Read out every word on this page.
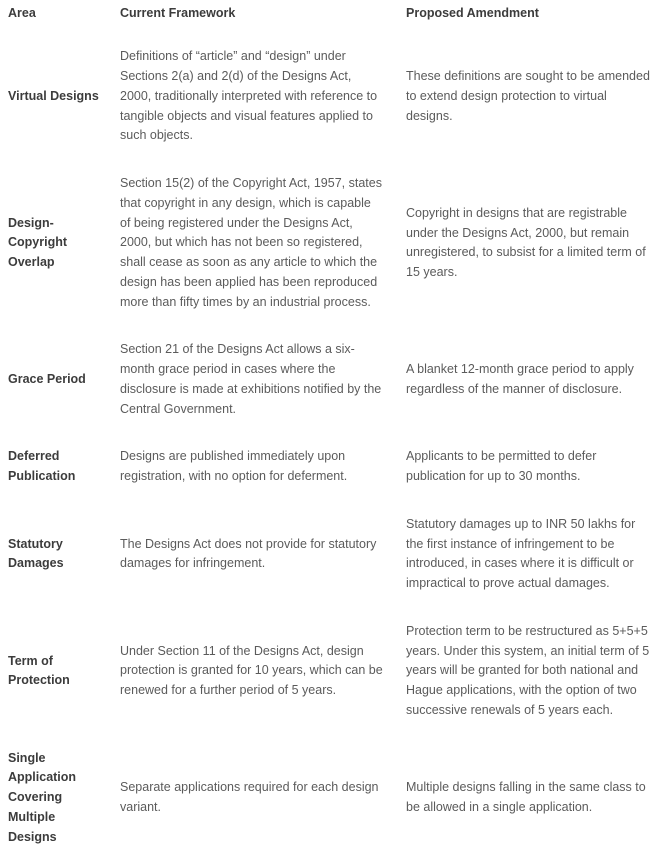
Area	Current Framework	Proposed Amendment
Virtual Designs	Definitions of “article” and “design” under Sections 2(a) and 2(d) of the Designs Act, 2000, traditionally interpreted with reference to tangible objects and visual features applied to such objects.	These definitions are sought to be amended to extend design protection to virtual designs.
Design-Copyright Overlap	Section 15(2) of the Copyright Act, 1957, states that copyright in any design, which is capable of being registered under the Designs Act, 2000, but which has not been so registered, shall cease as soon as any article to which the design has been applied has been reproduced more than fifty times by an industrial process.	Copyright in designs that are registrable under the Designs Act, 2000, but remain unregistered, to subsist for a limited term of 15 years.
Grace Period	Section 21 of the Designs Act allows a six-month grace period in cases where the disclosure is made at exhibitions notified by the Central Government.	A blanket 12-month grace period to apply regardless of the manner of disclosure.
Deferred Publication	Designs are published immediately upon registration, with no option for deferment.	Applicants to be permitted to defer publication for up to 30 months.
Statutory Damages	The Designs Act does not provide for statutory damages for infringement.	Statutory damages up to INR 50 lakhs for the first instance of infringement to be introduced, in cases where it is difficult or impractical to prove actual damages.
Term of Protection	Under Section 11 of the Designs Act, design protection is granted for 10 years, which can be renewed for a further period of 5 years.	Protection term to be restructured as 5+5+5 years. Under this system, an initial term of 5 years will be granted for both national and Hague applications, with the option of two successive renewals of 5 years each.
Single Application Covering Multiple Designs	Separate applications required for each design variant.	Multiple designs falling in the same class to be allowed in a single application.
